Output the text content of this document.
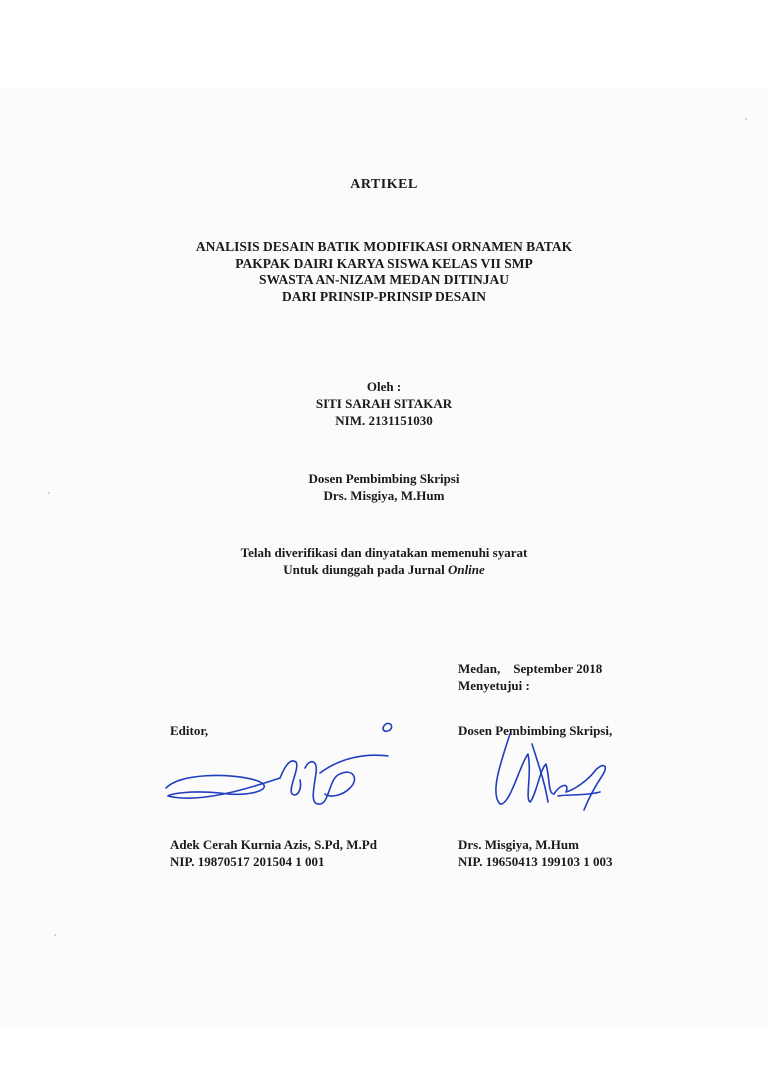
ARTIKEL
ANALISIS DESAIN BATIK MODIFIKASI ORNAMEN BATAK
PAKPAK DAIRI KARYA SISWA KELAS VII SMP
SWASTA AN-NIZAM MEDAN DITINJAU
DARI PRINSIP-PRINSIP DESAIN
Oleh :
SITI SARAH SITAKAR
NIM. 2131151030
Dosen Pembimbing Skripsi
Drs. Misgiya, M.Hum
Telah diverifikasi dan dinyatakan memenuhi syarat
Untuk diunggah pada Jurnal Online
Medan,    September 2018
Menyetujui :
Editor,	Dosen Pembimbing Skripsi,
Adek Cerah Kurnia Azis, S.Pd, M.Pd
NIP. 19870517 201504 1 001
Drs. Misgiya, M.Hum
NIP. 19650413 199103 1 003
